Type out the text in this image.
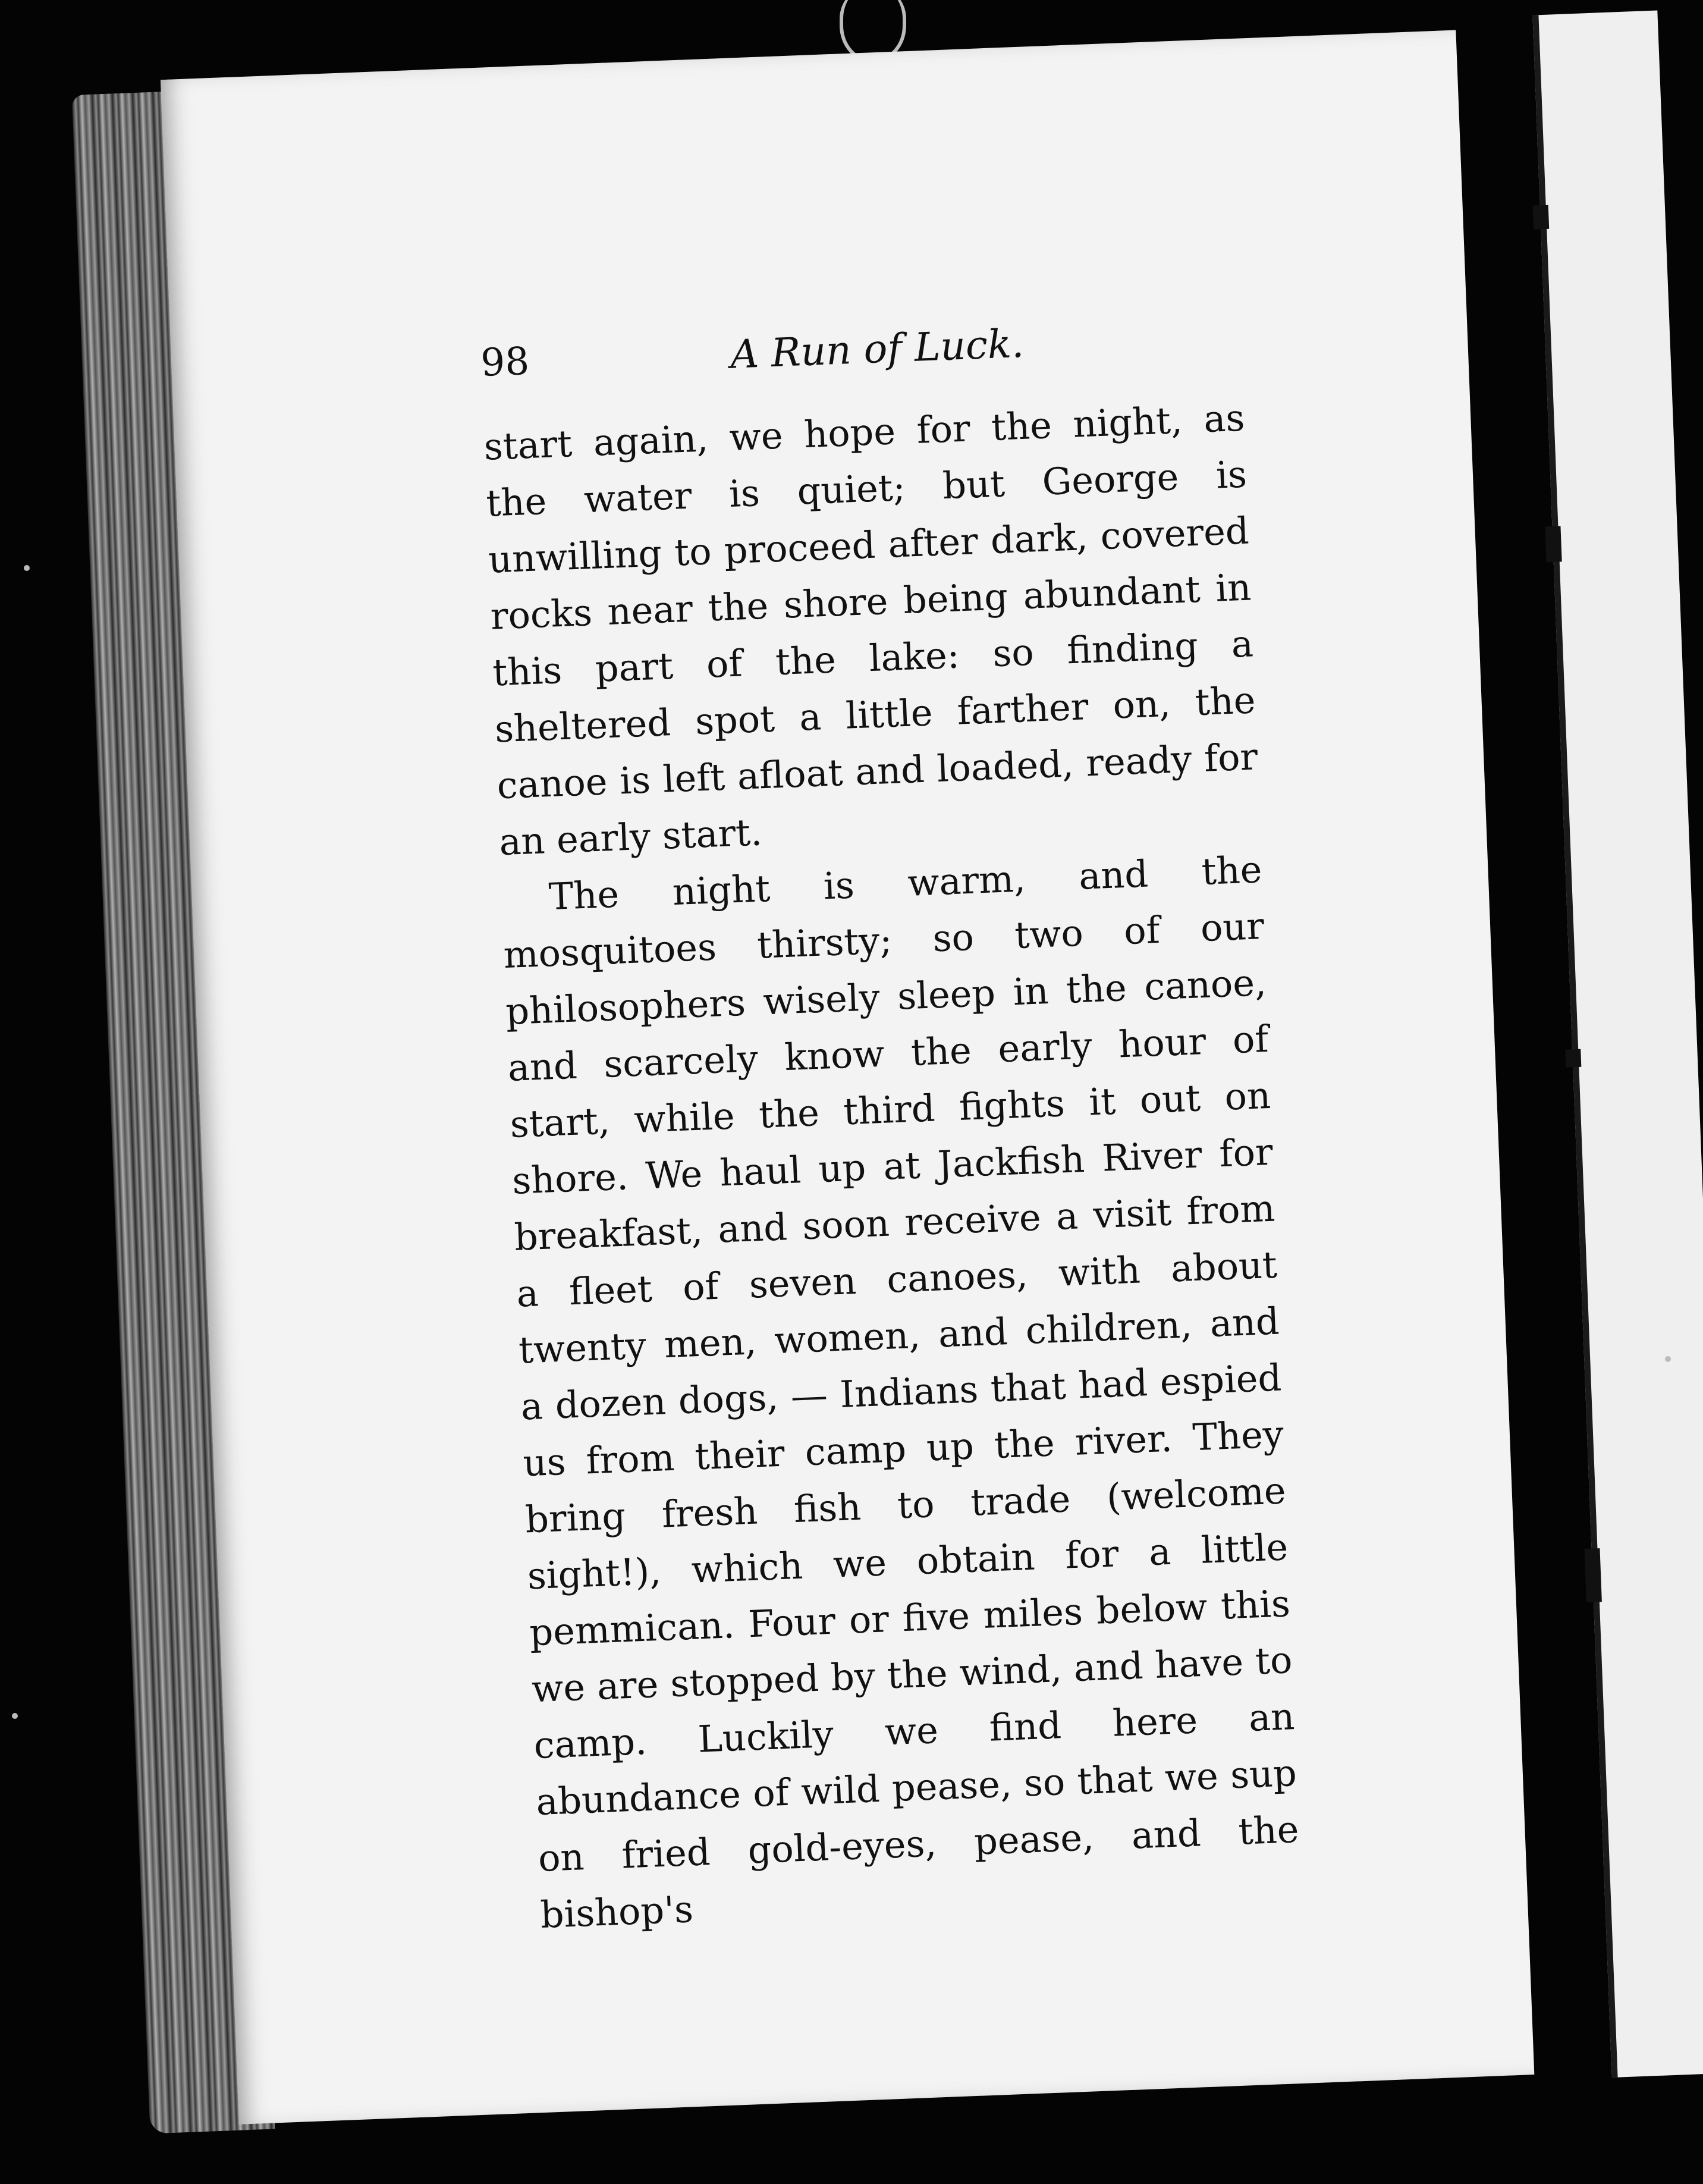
98	A Run of Luck.

start again, we hope for the night, as the water is quiet; but George is unwilling to proceed after dark, covered rocks near the shore being abundant in this part of the lake: so finding a sheltered spot a little farther on, the canoe is left afloat and loaded, ready for an early start.

The night is warm, and the mosquitoes thirsty; so two of our philosophers wisely sleep in the canoe, and scarcely know the early hour of start, while the third fights it out on shore. We haul up at Jackfish River for breakfast, and soon receive a visit from a fleet of seven canoes, with about twenty men, women, and children, and a dozen dogs, — Indians that had espied us from their camp up the river. They bring fresh fish to trade (welcome sight!), which we obtain for a little pemmican. Four or five miles below this we are stopped by the wind, and have to camp. Luckily we find here an abundance of wild pease, so that we sup on fried gold-eyes, pease, and the bishop's
